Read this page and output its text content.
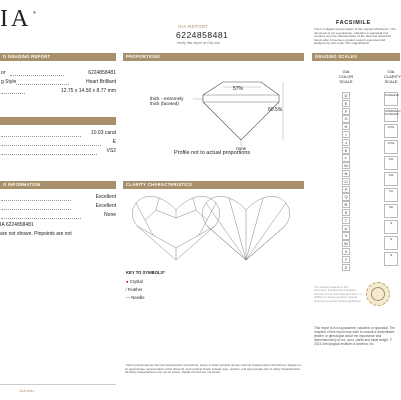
IA ®
GIA REPORT
6224858481
Verify this report at GIA.edu
FACSIMILE
This is a digital representation of the original GIA Report. This document is not a guarantee, valuation or appraisal and contains only the characteristics of the diamond described herein after it has been graded, tested, examined and analyzed by GIA under 10X magnification.
D GRADING REPORT
or	6224858481
g Style	Heart Brilliant
12.75 x 14.50 x 8.77 mm
10.03 carat
E
VS2
G INFORMATION
Excellent
Excellent
None
IA 6224858481
are not shown. Pinpoints are not
GIA.edu
PROPORTIONS
57%
60.5%
thick - extremely thick (faceted)
none
Profile not to actual proportions
CLARITY CHARACTERISTICS
KEY TO SYMBOLS*
● Crystal
⁄ Feather
— Needle
* Red symbols denote internal characteristics (inclusions). Green or black symbols denote external characteristics (blemishes). Diagram is an approximate representation of the diamond, and symbols shown indicate type, position, and approximate size of clarity characteristics. All clarity characteristics may not be shown. Details of finish are not shown.
GRADING SCALES
GIA COLOR SCALE
GIA CLARITY SCALE
D
E
F
G
H
I
J
K
L
M
N
O
P
Q
R
S
T
U
V
W
X
Y
Z
FLAWLESS
INTERNALLY FLAWLESS
VVS1
VVS2
VS1
VS2
SI1
SI2
I1
I2
I3
The security features in this document, including the hologram, security screen and microprint lines, in addition to those not listed, exceed document security industry guidelines.
This report is not a guarantee, valuation or appraisal. The recipient of this report may wish to consult a credentialed jeweler or gemologist about the importance and interrelationship of cut, color, clarity and carat weight. © 2023 Gemological Institute of America, Inc.
